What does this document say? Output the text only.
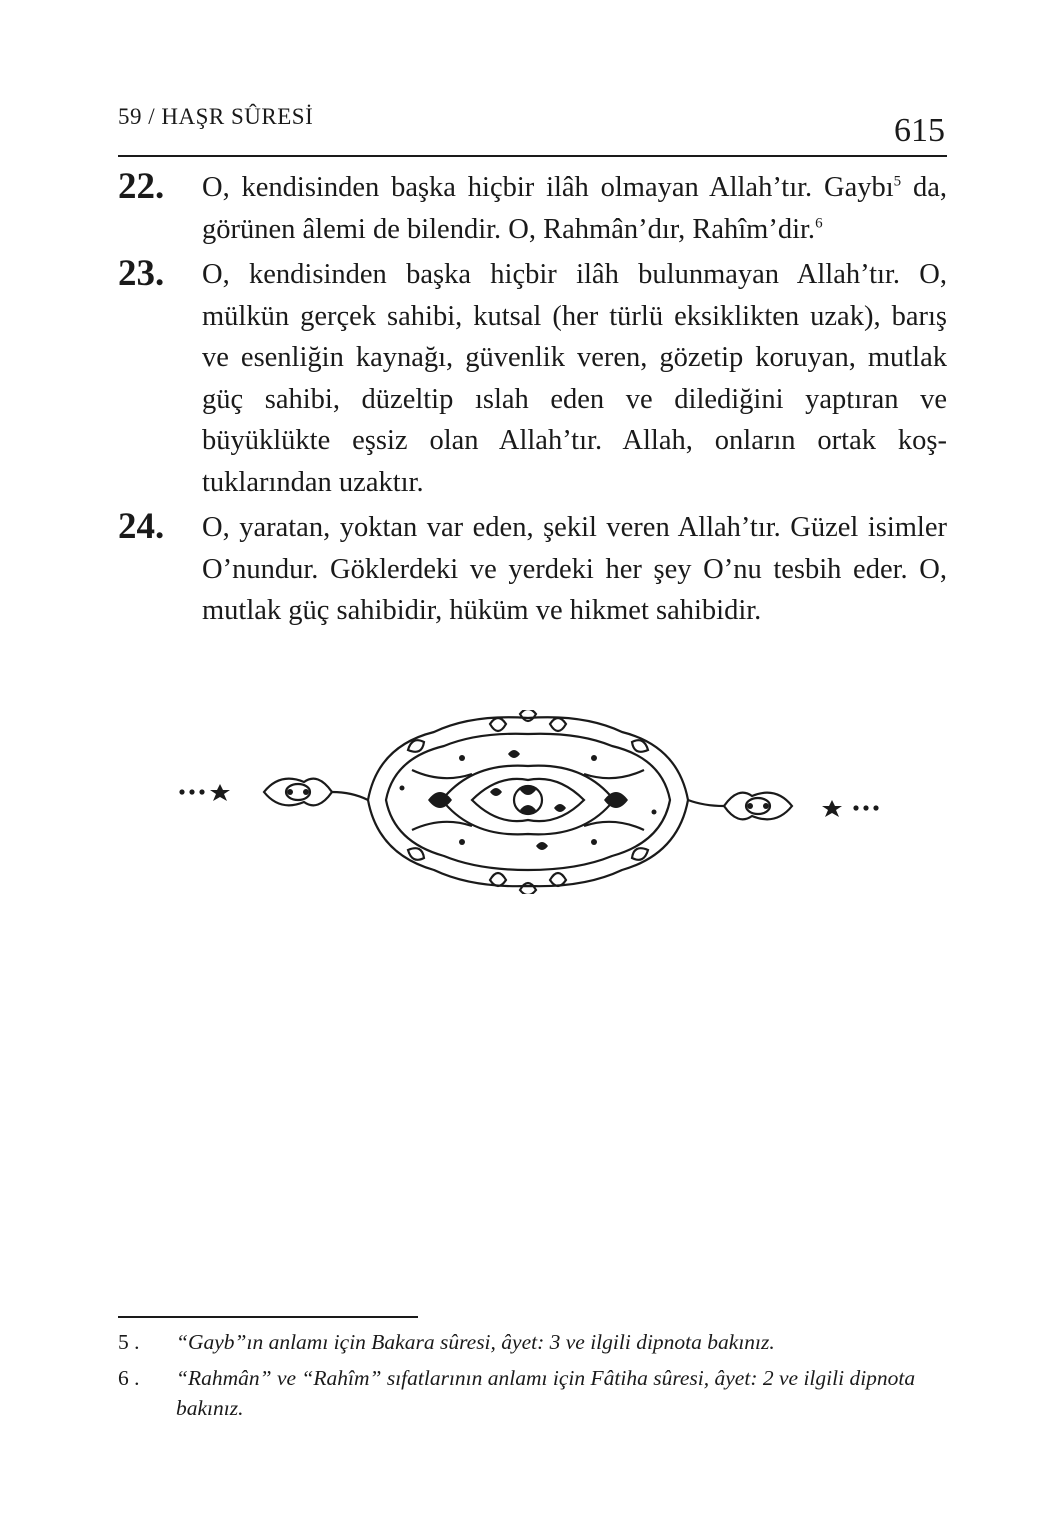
59 / HAŞR SÛRESİ	615
22.	O, kendisinden başka hiçbir ilâh olmayan Allah’tır. Gaybı$^5$ da, görünen âlemi de bilendir. O, Rahmân’dır, Rahîm’dir.$^6$
23.	O, kendisinden başka hiçbir ilâh bulunmayan Allah’tır. O, mülkün gerçek sahibi, kutsal (her türlü eksiklikten uzak), barış ve esenliğin kaynağı, güvenlik veren, gözetip koruyan, mutlak güç sahibi, düzeltip ıslah eden ve dilediğini yaptıran ve büyüklükte eşsiz olan Allah’tır. Allah, onların ortak koştuklarından uzaktır.
24.	O, yaratan, yoktan var eden, şekil veren Allah’tır. Güzel isimler O’nundur. Göklerdeki ve yerdeki her şey O’nu tesbih eder. O, mutlak güç sahibidir, hüküm ve hikmet sahibidir.
5 .	“Gayb”ın anlamı için Bakara sûresi, âyet: 3 ve ilgili dipnota bakınız.
6 .	“Rahmân” ve “Rahîm” sıfatlarının anlamı için Fâtiha sûresi, âyet: 2 ve ilgili dipnota bakınız.
